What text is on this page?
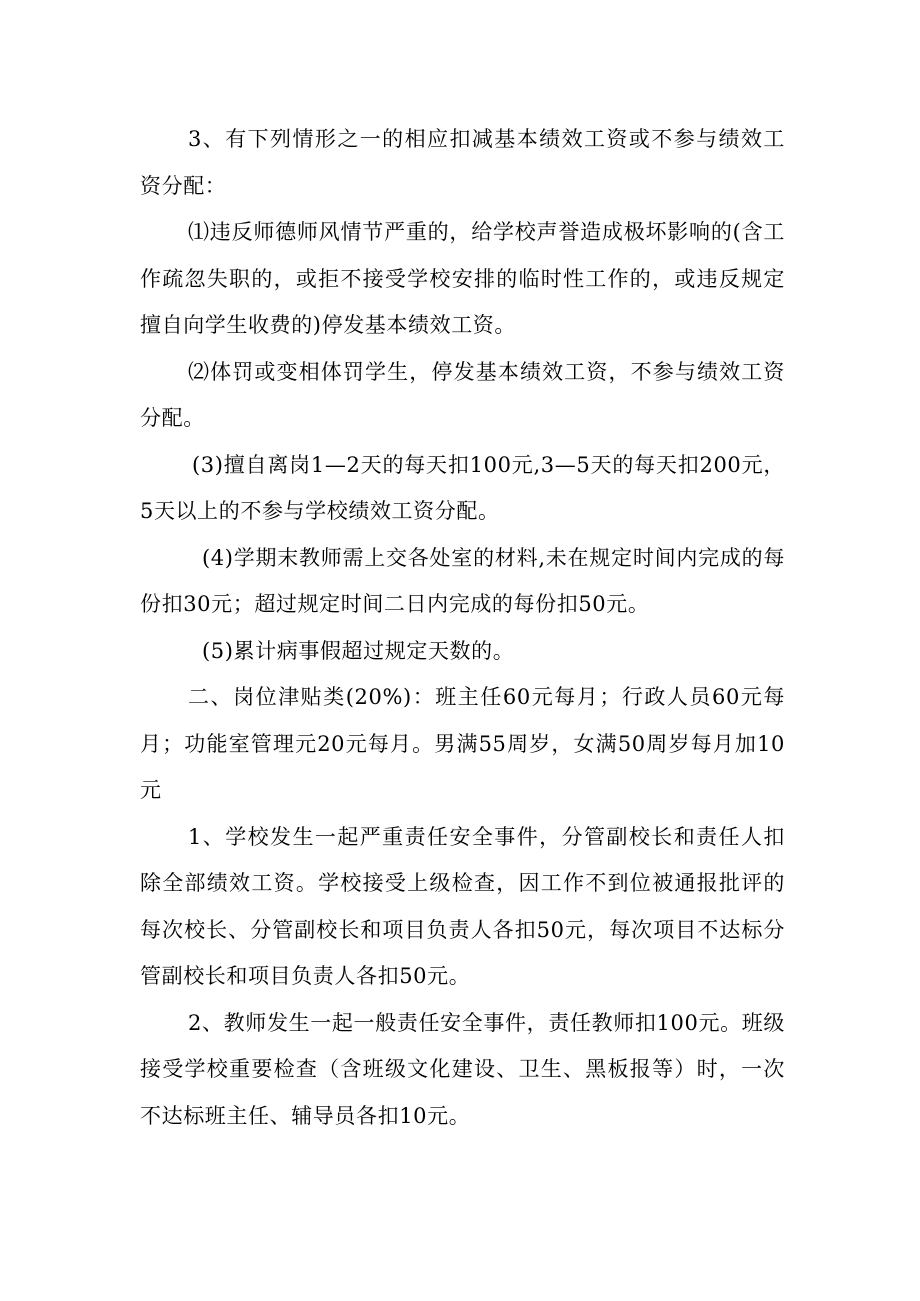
3、有下列情形之一的相应扣减基本绩效工资或不参与绩效工资分配：

⑴违反师德师风情节严重的，给学校声誉造成极坏影响的(含工作疏忽失职的，或拒不接受学校安排的临时性工作的，或违反规定擅自向学生收费的)停发基本绩效工资。

⑵体罚或变相体罚学生，停发基本绩效工资，不参与绩效工资分配。

(3)擅自离岗1—2天的每天扣100元,3—5天的每天扣200元，5天以上的不参与学校绩效工资分配。

(4)学期末教师需上交各处室的材料,未在规定时间内完成的每份扣30元；超过规定时间二日内完成的每份扣50元。

(5)累计病事假超过规定天数的。

二、岗位津贴类(20%)：班主任60元每月；行政人员60元每月；功能室管理元20元每月。男满55周岁，女满50周岁每月加10元

1、学校发生一起严重责任安全事件，分管副校长和责任人扣除全部绩效工资。学校接受上级检查，因工作不到位被通报批评的每次校长、分管副校长和项目负责人各扣50元，每次项目不达标分管副校长和项目负责人各扣50元。

2、教师发生一起一般责任安全事件，责任教师扣100元。班级接受学校重要检查（含班级文化建设、卫生、黑板报等）时，一次不达标班主任、辅导员各扣10元。
